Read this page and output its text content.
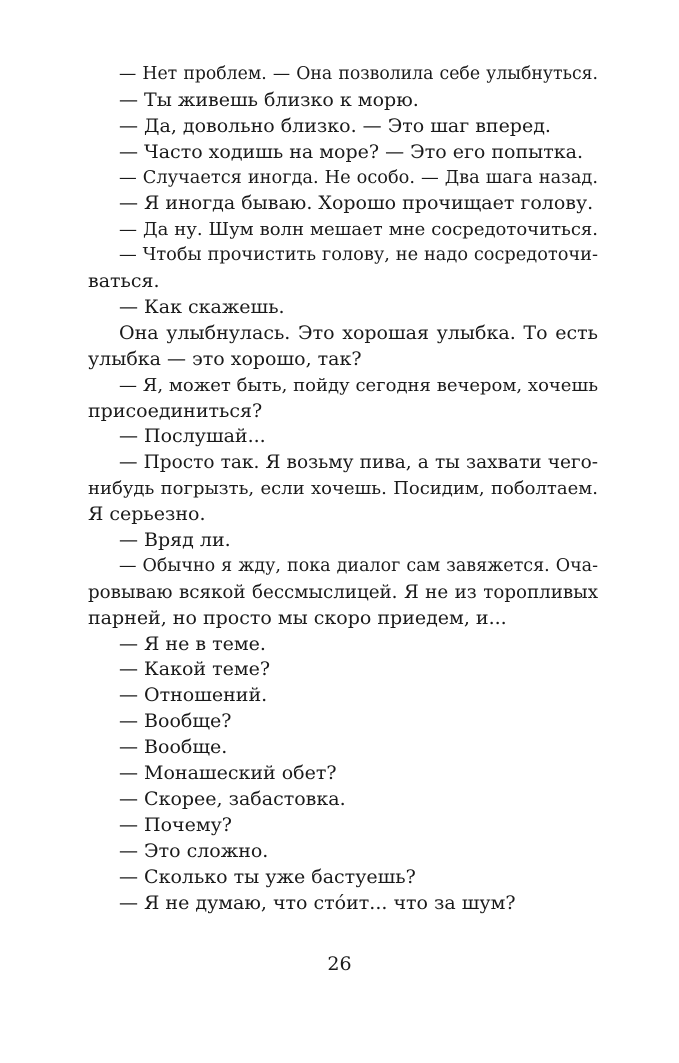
— Нет проблем. — Она позволила себе улыбнуться.
— Ты живешь близко к морю.
— Да, довольно близко. — Это шаг вперед.
— Часто ходишь на море? — Это его попытка.
— Случается иногда. Не особо. — Два шага назад.
— Я иногда бываю. Хорошо прочищает голову.
— Да ну. Шум волн мешает мне сосредоточиться.
— Чтобы прочистить голову, не надо сосредоточи-
ваться.
— Как скажешь.
Она улыбнулась. Это хорошая улыбка. То есть
улыбка — это хорошо, так?
— Я, может быть, пойду сегодня вечером, хочешь
присоединиться?
— Послушай...
— Просто так. Я возьму пива, а ты захвати чего-
нибудь погрызть, если хочешь. Посидим, поболтаем.
Я серьезно.
— Вряд ли.
— Обычно я жду, пока диалог сам завяжется. Оча-
ровываю всякой бессмыслицей. Я не из торопливых
парней, но просто мы скоро приедем, и...
— Я не в теме.
— Какой теме?
— Отношений.
— Вообще?
— Вообще.
— Монашеский обет?
— Скорее, забастовка.
— Почему?
— Это сложно.
— Сколько ты уже бастуешь?
— Я не думаю, что сто́ит... что за шум?
26
